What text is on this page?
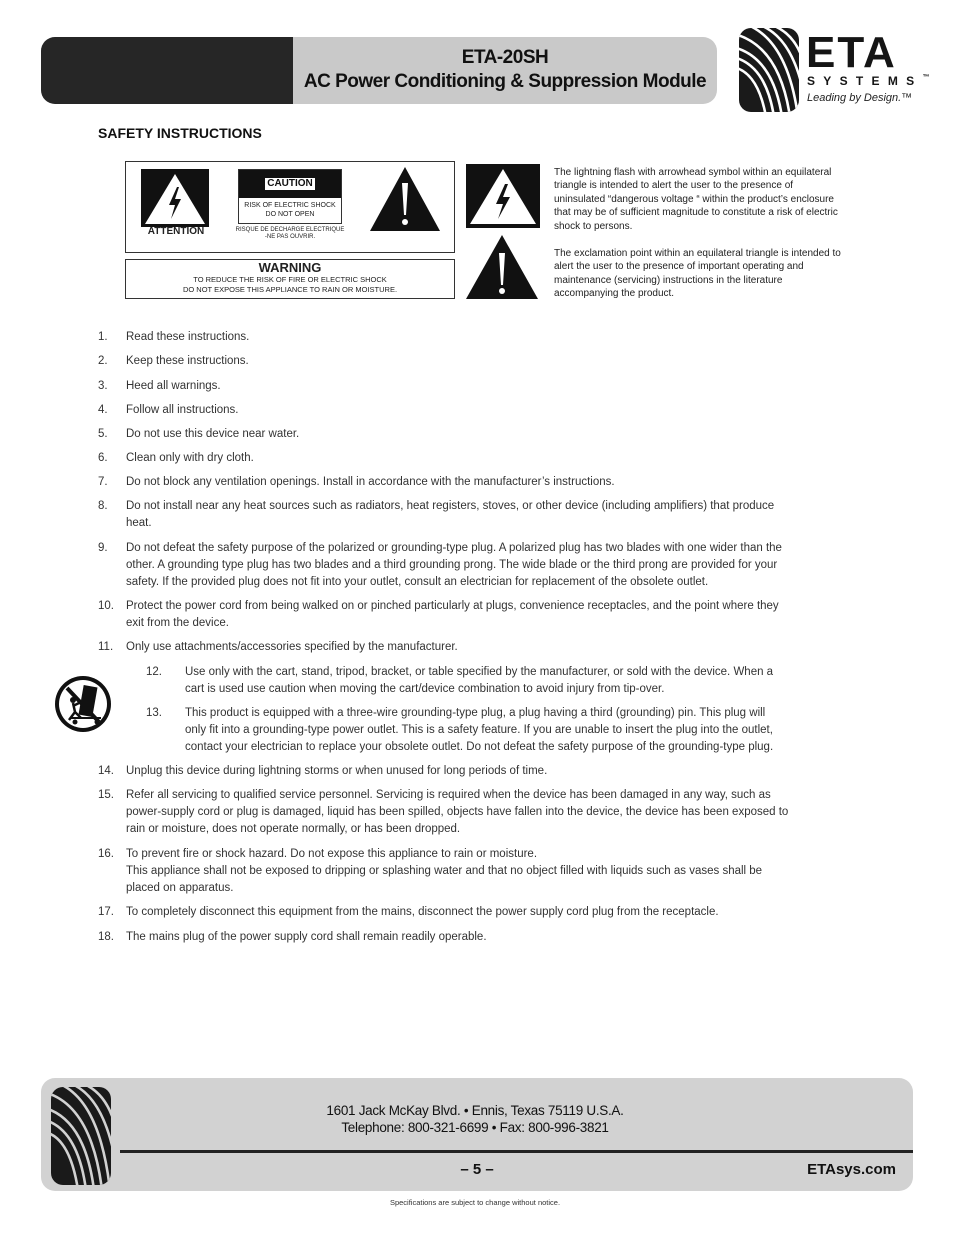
ETA-20SH
AC Power Conditioning & Suppression Module
ETA
SYSTEMS™
Leading by Design.™
SAFETY INSTRUCTIONS
ATTENTION
CAUTION
RISK OF ELECTRIC SHOCK
DO NOT OPEN
RISQUE DE DECHARGE ELECTRIQUE
-NE PAS OUVRIR.
WARNING
TO REDUCE THE RISK OF FIRE OR ELECTRIC SHOCK
DO NOT EXPOSE THIS APPLIANCE TO RAIN OR MOISTURE.
The lightning flash with arrowhead symbol within an equilateral triangle is intended to alert the user to the presence of uninsulated “dangerous voltage “ within the product’s enclosure that may be of sufficient magnitude to constitute a risk of electric shock to persons.
The exclamation point within an equilateral triangle is intended to alert the user to the presence of important operating and maintenance (servicing) instructions in the literature accompanying the product.
1. Read these instructions.
2. Keep these instructions.
3. Heed all warnings.
4. Follow all instructions.
5. Do not use this device near water.
6. Clean only with dry cloth.
7. Do not block any ventilation openings. Install in accordance with the manufacturer’s instructions.
8. Do not install near any heat sources such as radiators, heat registers, stoves, or other device (including amplifiers) that produce
heat.
9. Do not defeat the safety purpose of the polarized or grounding-type plug. A polarized plug has two blades with one wider than the
other. A grounding type plug has two blades and a third grounding prong. The wide blade or the third prong are provided for your
safety. If the provided plug does not fit into your outlet, consult an electrician for replacement of the obsolete outlet.
10. Protect the power cord from being walked on or pinched particularly at plugs, convenience receptacles, and the point where they
exit from the device.
11. Only use attachments/accessories specified by the manufacturer.
12. Use only with the cart, stand, tripod, bracket, or table specified by the manufacturer, or sold with the device. When a
cart is used use caution when moving the cart/device combination to avoid injury from tip-over.
13. This product is equipped with a three-wire grounding-type plug, a plug having a third (grounding) pin. This plug will
only fit into a grounding-type power outlet. This is a safety feature. If you are unable to insert the plug into the outlet,
contact your electrician to replace your obsolete outlet. Do not defeat the safety purpose of the grounding-type plug.
14. Unplug this device during lightning storms or when unused for long periods of time.
15. Refer all servicing to qualified service personnel. Servicing is required when the device has been damaged in any way, such as
power-supply cord or plug is damaged, liquid has been spilled, objects have fallen into the device, the device has been exposed to
rain or moisture, does not operate normally, or has been dropped.
16. To prevent fire or shock hazard. Do not expose this appliance to rain or moisture.
This appliance shall not be exposed to dripping or splashing water and that no object filled with liquids such as vases shall be
placed on apparatus.
17. To completely disconnect this equipment from the mains, disconnect the power supply cord plug from the receptacle.
18. The mains plug of the power supply cord shall remain readily operable.
1601 Jack McKay Blvd. • Ennis, Texas 75119 U.S.A.
Telephone: 800-321-6699 • Fax: 800-996-3821
– 5 –	ETAsys.com
Specifications are subject to change without notice.
